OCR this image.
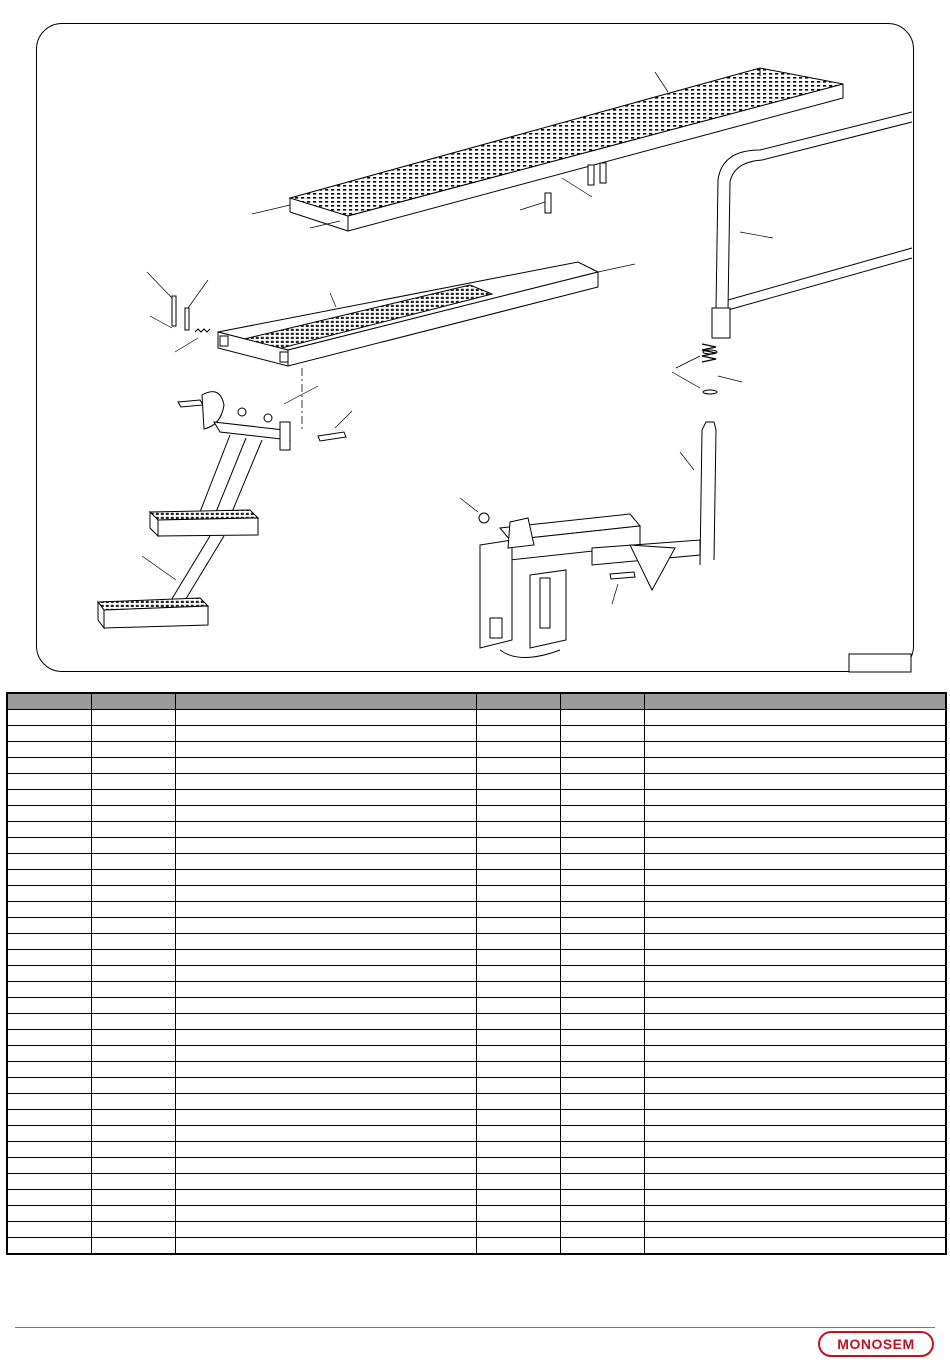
MONOSEM
